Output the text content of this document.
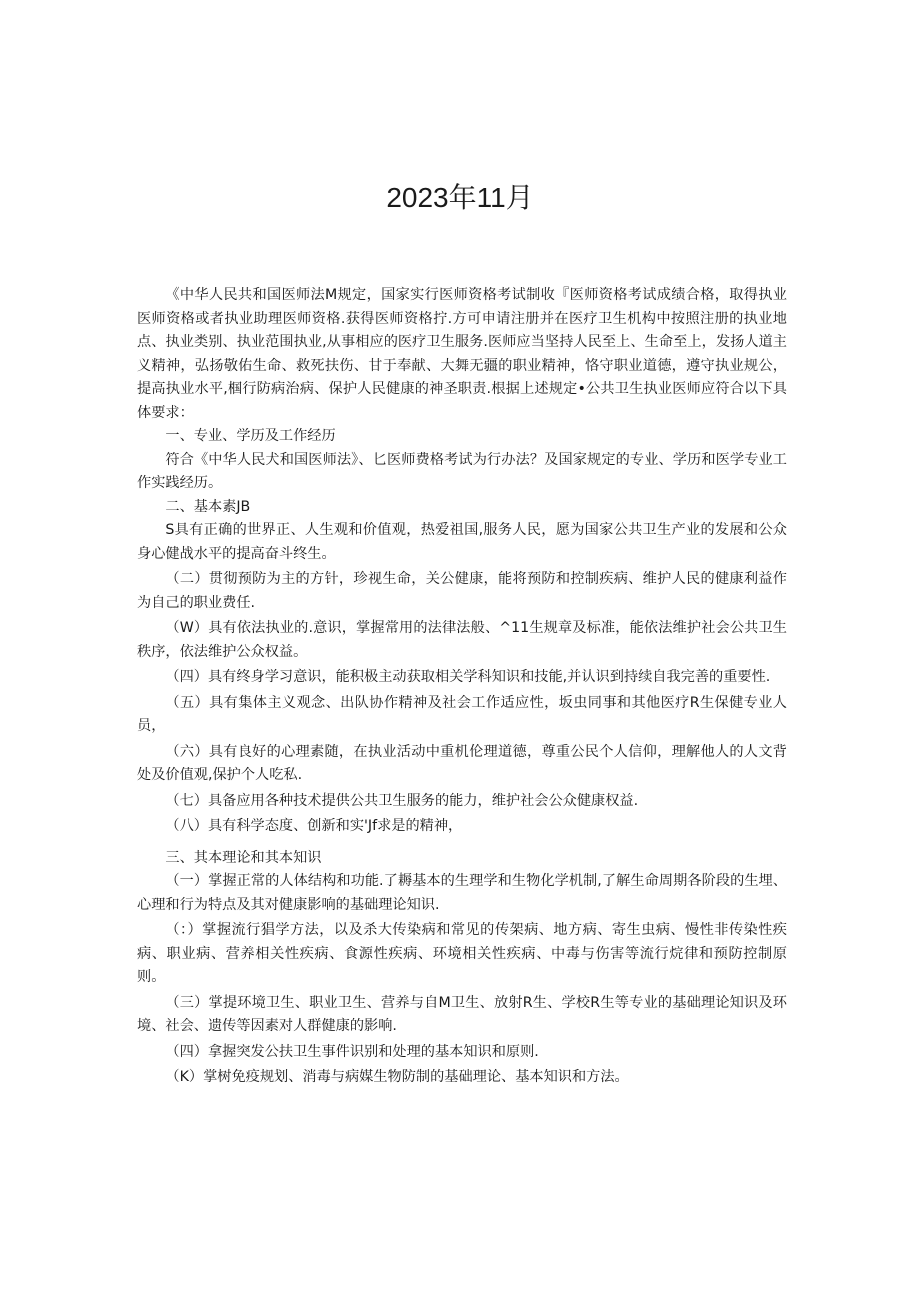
2023年11月

《中华人民共和国医师法M规定，国家实行医师资格考试制收『医师资格考试成绩合格，取得执业医师资格或者执业助理医师资格.获得医师资格拧.方可申请注册并在医疗卫生机构中按照注册的执业地点、执业类别、执业范围执业,从事相应的医疗卫生服务.医师应当坚持人民至上、生命至上，发扬人道主义精神，弘扬敬佑生命、救死扶伤、甘于奉献、大舞无疆的职业精神，恪守职业道德，遵守执业规公，提高执业水平,椢行防病治病、保护人民健康的神圣职责.根据上述规定•公共卫生执业医师应符合以下具体要求：

一、专业、学历及工作经历

符合《中华人民犬和国医师法》、匕医师费格考试为行办法？及国家规定的专业、学历和医学专业工作实践经历。

二、基本素JB

S具有正确的世界正、人生观和价值观，热爱祖国,服务人民，愿为国家公共卫生产业的发展和公众身心健战水平的提高奋斗终生。

（二）贯彻预防为主的方针，珍视生命，关公健康，能将预防和控制疾病、维护人民的健康利益作为自己的职业费任.

（W）具有依法执业的.意识，掌握常用的法律法般、^11生规章及标准，能依法维护社会公共卫生秩序，依法维护公众权益。

（四）具有终身学习意识，能积极主动获取相关学科知识和技能,并认识到持续自我完善的重要性.

（五）具有集体主义观念、出队协作精神及社会工作适应性，坂虫同事和其他医疗R生保健专业人员，

（六）具有良好的心理素随，在执业活动中重机伦理道德，尊重公民个人信仰，理解他人的人文背处及价值观,保护个人吃私.

（七）具备应用各种技术提供公共卫生服务的能力，维护社会公众健康权益.

（八）具有科学态度、创新和实'Jf求是的精神，

三、其本理论和其本知识

（一）掌握正常的人体结构和功能.了耨基本的生理学和生物化学机制,了解生命周期各阶段的生埋、心理和行为特点及其对健康影响的基础理论知识.

（：）掌握流行猖学方法，以及杀大传染病和常见的传架病、地方病、寄生虫病、慢性非传染性疾病、职业病、营养相关性疾病、食源性疾病、环境相关性疾病、中毒与伤害等流行烷律和预防控制原则。

（三）掌提环境卫生、职业卫生、营养与自M卫生、放射R生、学校R生等专业的基础理论知识及环境、社会、遗传等因素对人群健康的影响.

（四）拿握突发公扶卫生事件识别和处理的基本知识和原则.

（K）掌树免疫规划、消毒与病媒生物防制的基础理论、基本知识和方法。
